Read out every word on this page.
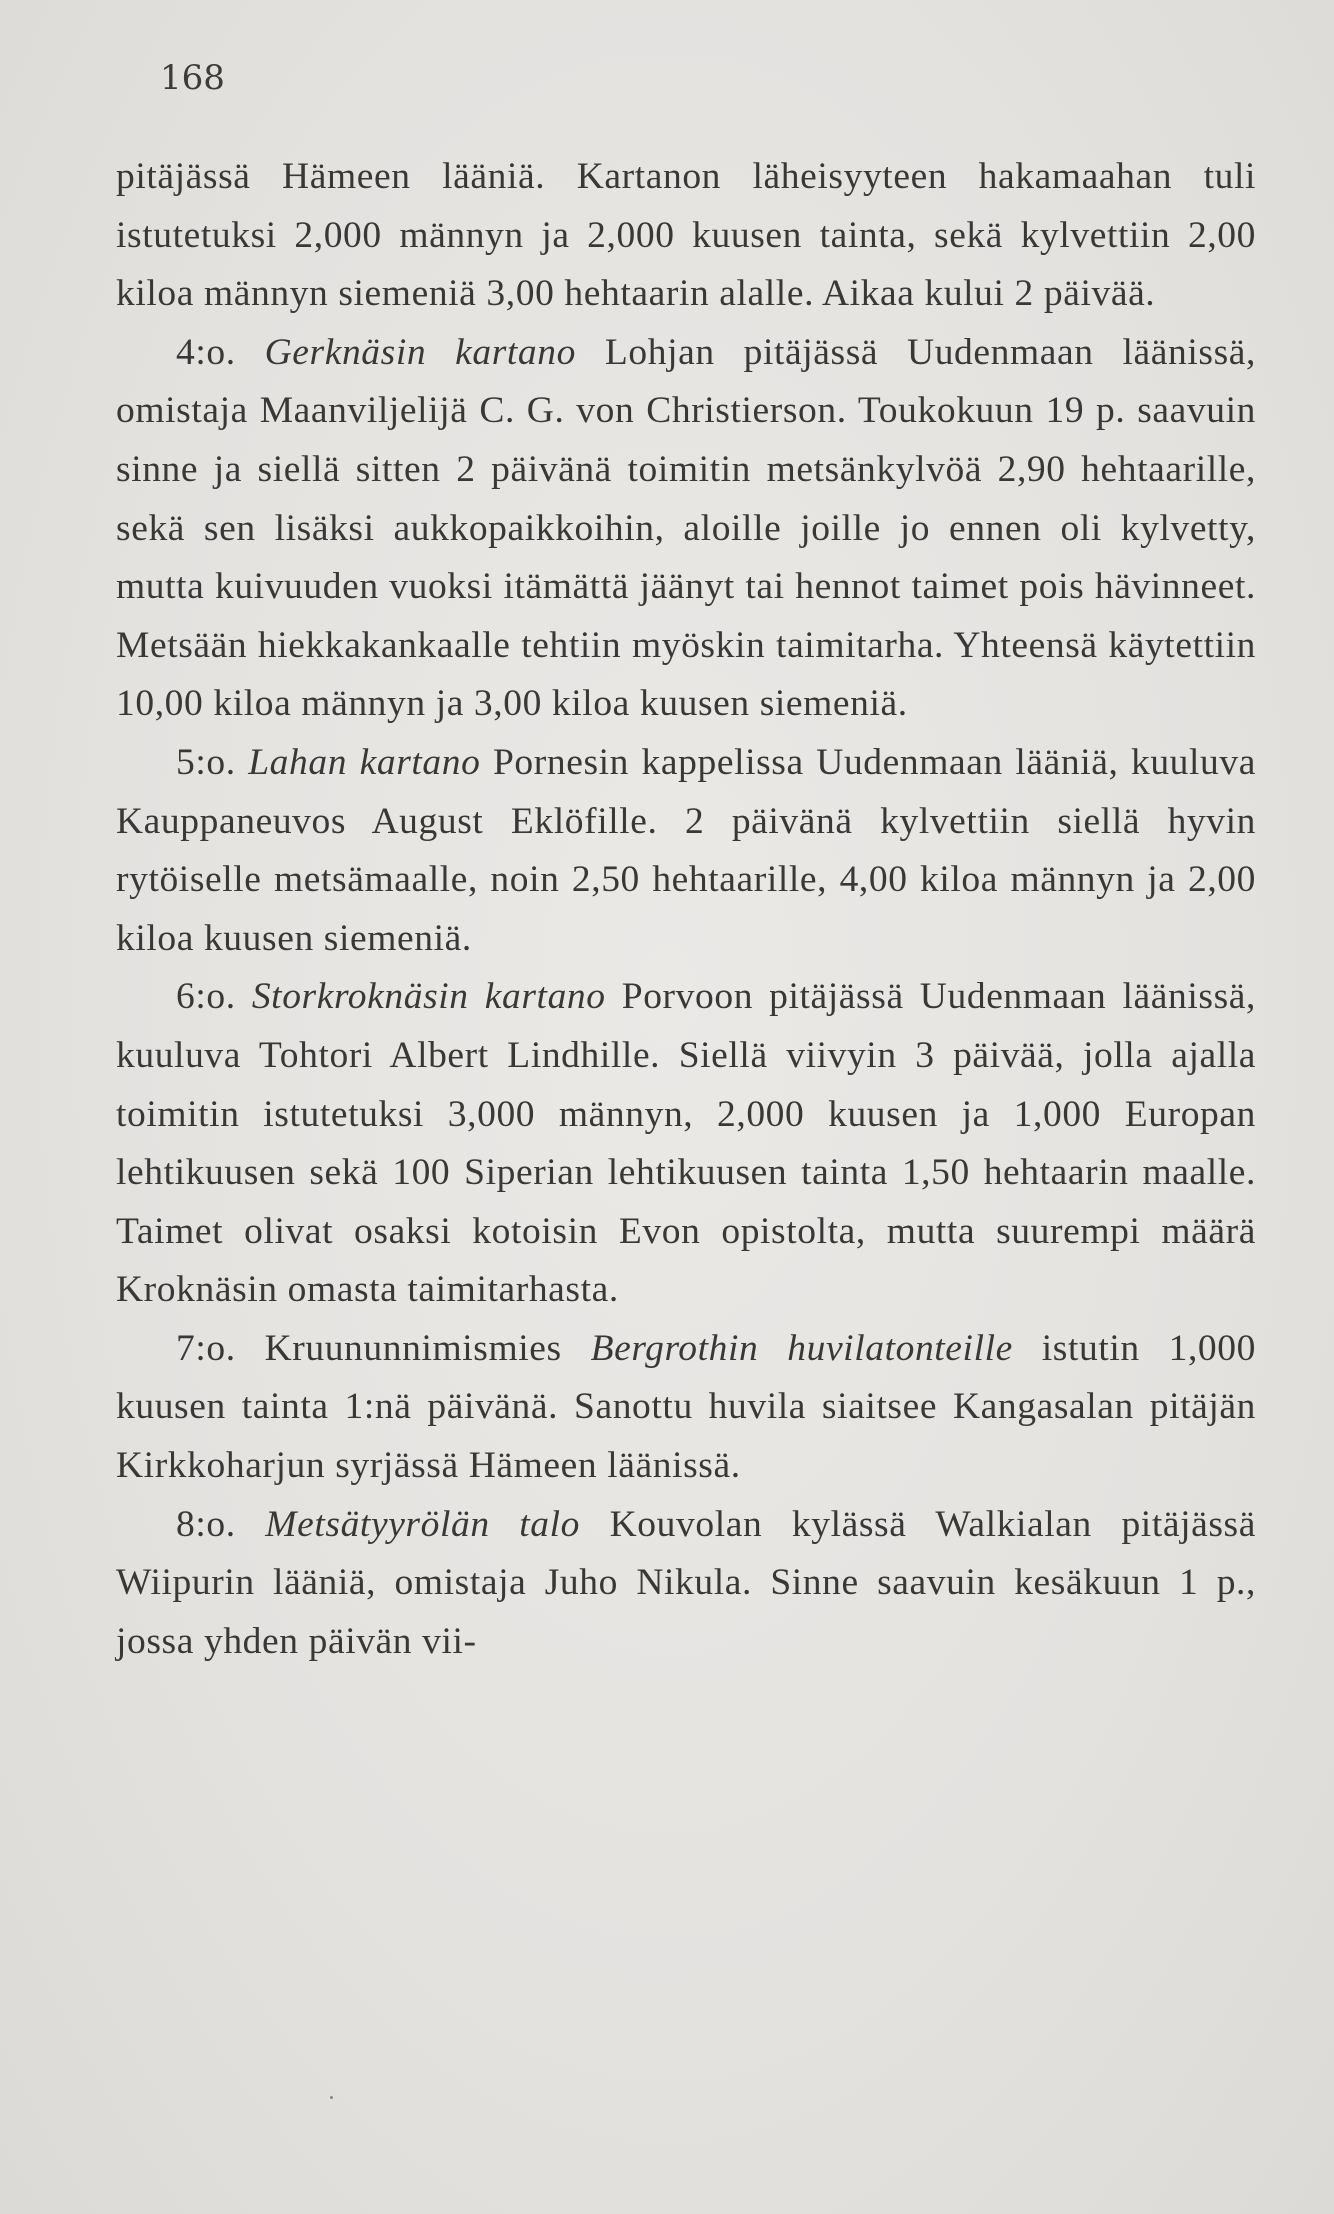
168

pitäjässä Hämeen lääniä. Kartanon läheisyyteen hakamaahan tuli istutetuksi 2,000 männyn ja 2,000 kuusen tainta, sekä kylvettiin 2,00 kiloa männyn siemeniä 3,00 hehtaarin alalle. Aikaa kului 2 päivää.

4:o. Gerknäsin kartano Lohjan pitäjässä Uudenmaan läänissä, omistaja Maanviljelijä C. G. von Christierson. Toukokuun 19 p. saavuin sinne ja siellä sitten 2 päivänä toimitin metsänkylvöä 2,90 hehtaarille, sekä sen lisäksi aukkopaikkoihin, aloille joille jo ennen oli kylvetty, mutta kuivuuden vuoksi itämättä jäänyt tai hennot taimet pois hävinneet. Metsään hiekkakankaalle tehtiin myöskin taimitarha. Yhteensä käytettiin 10,00 kiloa männyn ja 3,00 kiloa kuusen siemeniä.

5:o. Lahan kartano Pornesin kappelissa Uudenmaan lääniä, kuuluva Kauppaneuvos August Eklöfille. 2 päivänä kylvettiin siellä hyvin rytöiselle metsämaalle, noin 2,50 hehtaarille, 4,00 kiloa männyn ja 2,00 kiloa kuusen siemeniä.

6:o. Storkroknäsin kartano Porvoon pitäjässä Uudenmaan läänissä, kuuluva Tohtori Albert Lindhille. Siellä viivyin 3 päivää, jolla ajalla toimitin istutetuksi 3,000 männyn, 2,000 kuusen ja 1,000 Europan lehtikuusen sekä 100 Siperian lehtikuusen tainta 1,50 hehtaarin maalle. Taimet olivat osaksi kotoisin Evon opistolta, mutta suurempi määrä Kroknäsin omasta taimitarhasta.

7:o. Kruununnimismies Bergrothin huvilatonteille istutin 1,000 kuusen tainta 1:nä päivänä. Sanottu huvila siaitsee Kangasalan pitäjän Kirkkoharjun syrjässä Hämeen läänissä.

8:o. Metsätyyrölän talo Kouvolan kylässä Walkialan pitäjässä Wiipurin lääniä, omistaja Juho Nikula. Sinne saavuin kesäkuun 1 p., jossa yhden päivän vii-
